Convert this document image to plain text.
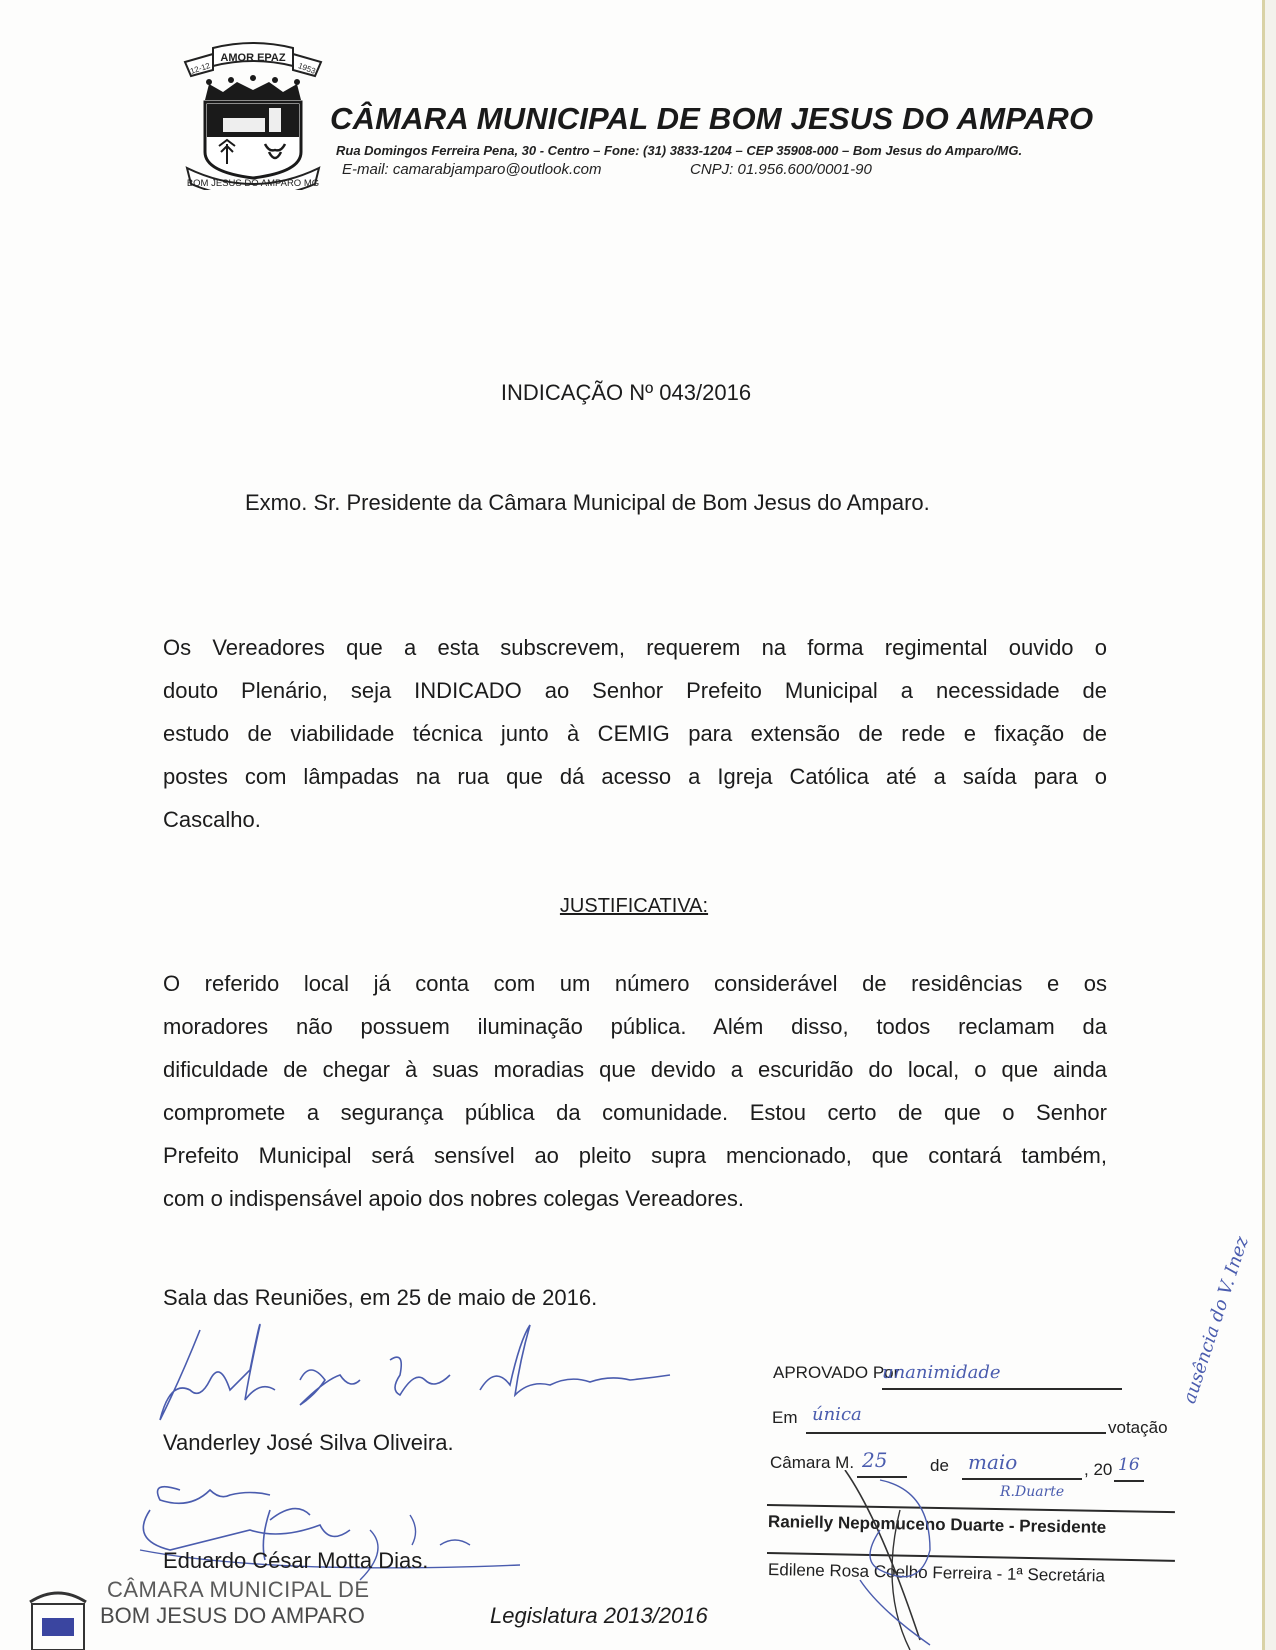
AMOR EPAZ
12-12	1953
BOM JESUS DO AMPARO MG
CÂMARA MUNICIPAL DE BOM JESUS DO AMPARO
Rua Domingos Ferreira Pena, 30 - Centro – Fone: (31) 3833-1204 – CEP 35908-000 – Bom Jesus do Amparo/MG.
E-mail: camarabjamparo@outlook.com	CNPJ: 01.956.600/0001-90
INDICAÇÃO Nº 043/2016
Exmo. Sr. Presidente da Câmara Municipal de Bom Jesus do Amparo.
Os Vereadores que a esta subscrevem, requerem na forma regimental ouvido o
douto Plenário, seja INDICADO ao Senhor Prefeito Municipal a necessidade de
estudo de viabilidade técnica junto à CEMIG para extensão de rede e fixação de
postes com lâmpadas na rua que dá acesso a Igreja Católica até a saída para o
Cascalho.
JUSTIFICATIVA:
O referido local já conta com um número considerável de residências e os
moradores não possuem iluminação pública. Além disso, todos reclamam da
dificuldade de chegar à suas moradias que devido a escuridão do local, o que ainda
compromete a segurança pública da comunidade. Estou certo de que o Senhor
Prefeito Municipal será sensível ao pleito supra mencionado, que contará também,
com o indispensável apoio dos nobres colegas Vereadores.
Sala das Reuniões, em 25 de maio de 2016.
Vanderley José Silva Oliveira.
Eduardo César Motta Dias.
APROVADO Por
unanimidade
Em única
votação
Câmara M. 25	de maio	, 20 16
R.Duarte
Ranielly Nepomuceno Duarte - Presidente
Edilene Rosa Coelho Ferreira - 1ª Secretária
ausência do V. Inez
CÂMARA MUNICIPAL DE
BOM JESUS DO AMPARO	Legislatura 2013/2016
